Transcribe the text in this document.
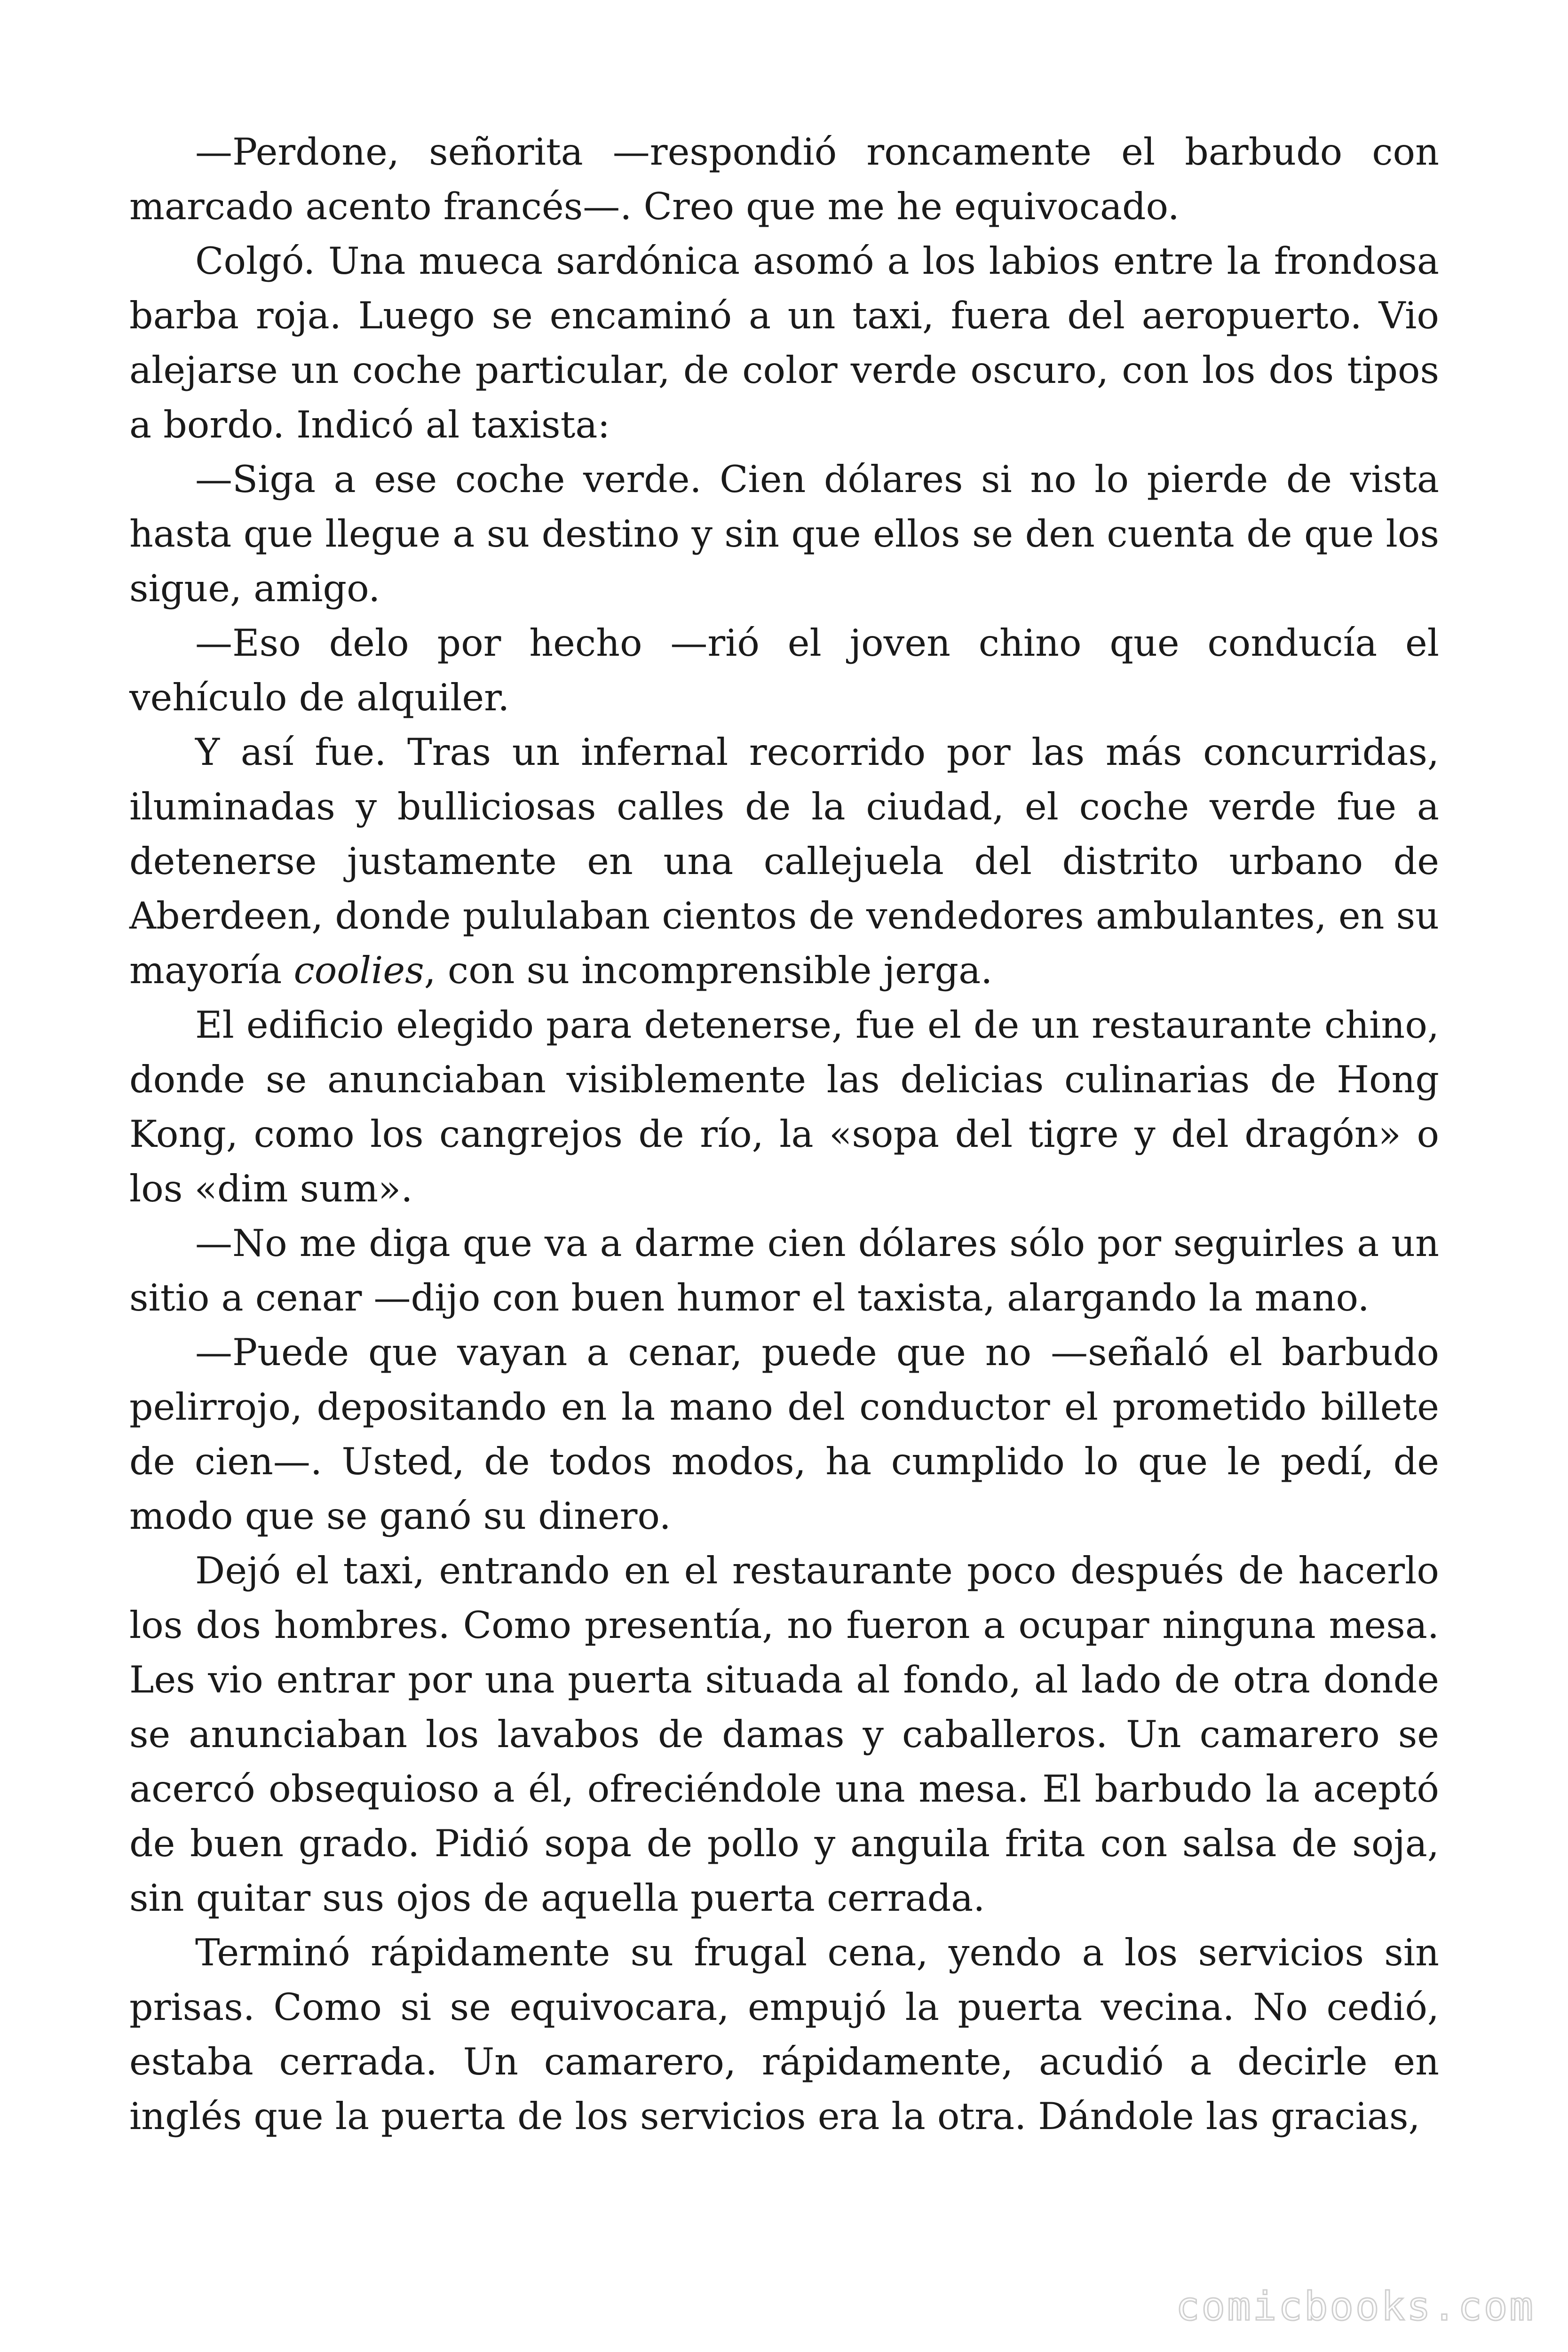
—Perdone, señorita —respondió roncamente el barbudo con marcado acento francés—. Creo que me he equivocado.

Colgó. Una mueca sardónica asomó a los labios entre la frondosa barba roja. Luego se encaminó a un taxi, fuera del aeropuerto. Vio alejarse un coche particular, de color verde oscuro, con los dos tipos a bordo. Indicó al taxista:

—Siga a ese coche verde. Cien dólares si no lo pierde de vista hasta que llegue a su destino y sin que ellos se den cuenta de que los sigue, amigo.

—Eso delo por hecho —rió el joven chino que conducía el vehículo de alquiler.

Y así fue. Tras un infernal recorrido por las más concurridas, iluminadas y bulliciosas calles de la ciudad, el coche verde fue a detenerse justamente en una callejuela del distrito urbano de Aberdeen, donde pululaban cientos de vendedores ambulantes, en su mayoría coolies, con su incomprensible jerga.

El edificio elegido para detenerse, fue el de un restaurante chino, donde se anunciaban visiblemente las delicias culinarias de Hong Kong, como los cangrejos de río, la «sopa del tigre y del dragón» o los «dim sum».

—No me diga que va a darme cien dólares sólo por seguirles a un sitio a cenar —dijo con buen humor el taxista, alargando la mano.

—Puede que vayan a cenar, puede que no —señaló el barbudo pelirrojo, depositando en la mano del conductor el prometido billete de cien—. Usted, de todos modos, ha cumplido lo que le pedí, de modo que se ganó su dinero.

Dejó el taxi, entrando en el restaurante poco después de hacerlo los dos hombres. Como presentía, no fueron a ocupar ninguna mesa. Les vio entrar por una puerta situada al fondo, al lado de otra donde se anunciaban los lavabos de damas y caballeros. Un camarero se acercó obsequioso a él, ofreciéndole una mesa. El barbudo la aceptó de buen grado. Pidió sopa de pollo y anguila frita con salsa de soja, sin quitar sus ojos de aquella puerta cerrada.

Terminó rápidamente su frugal cena, yendo a los servicios sin prisas. Como si se equivocara, empujó la puerta vecina. No cedió, estaba cerrada. Un camarero, rápidamente, acudió a decirle en inglés que la puerta de los servicios era la otra. Dándole las gracias,

comicbooks.com
